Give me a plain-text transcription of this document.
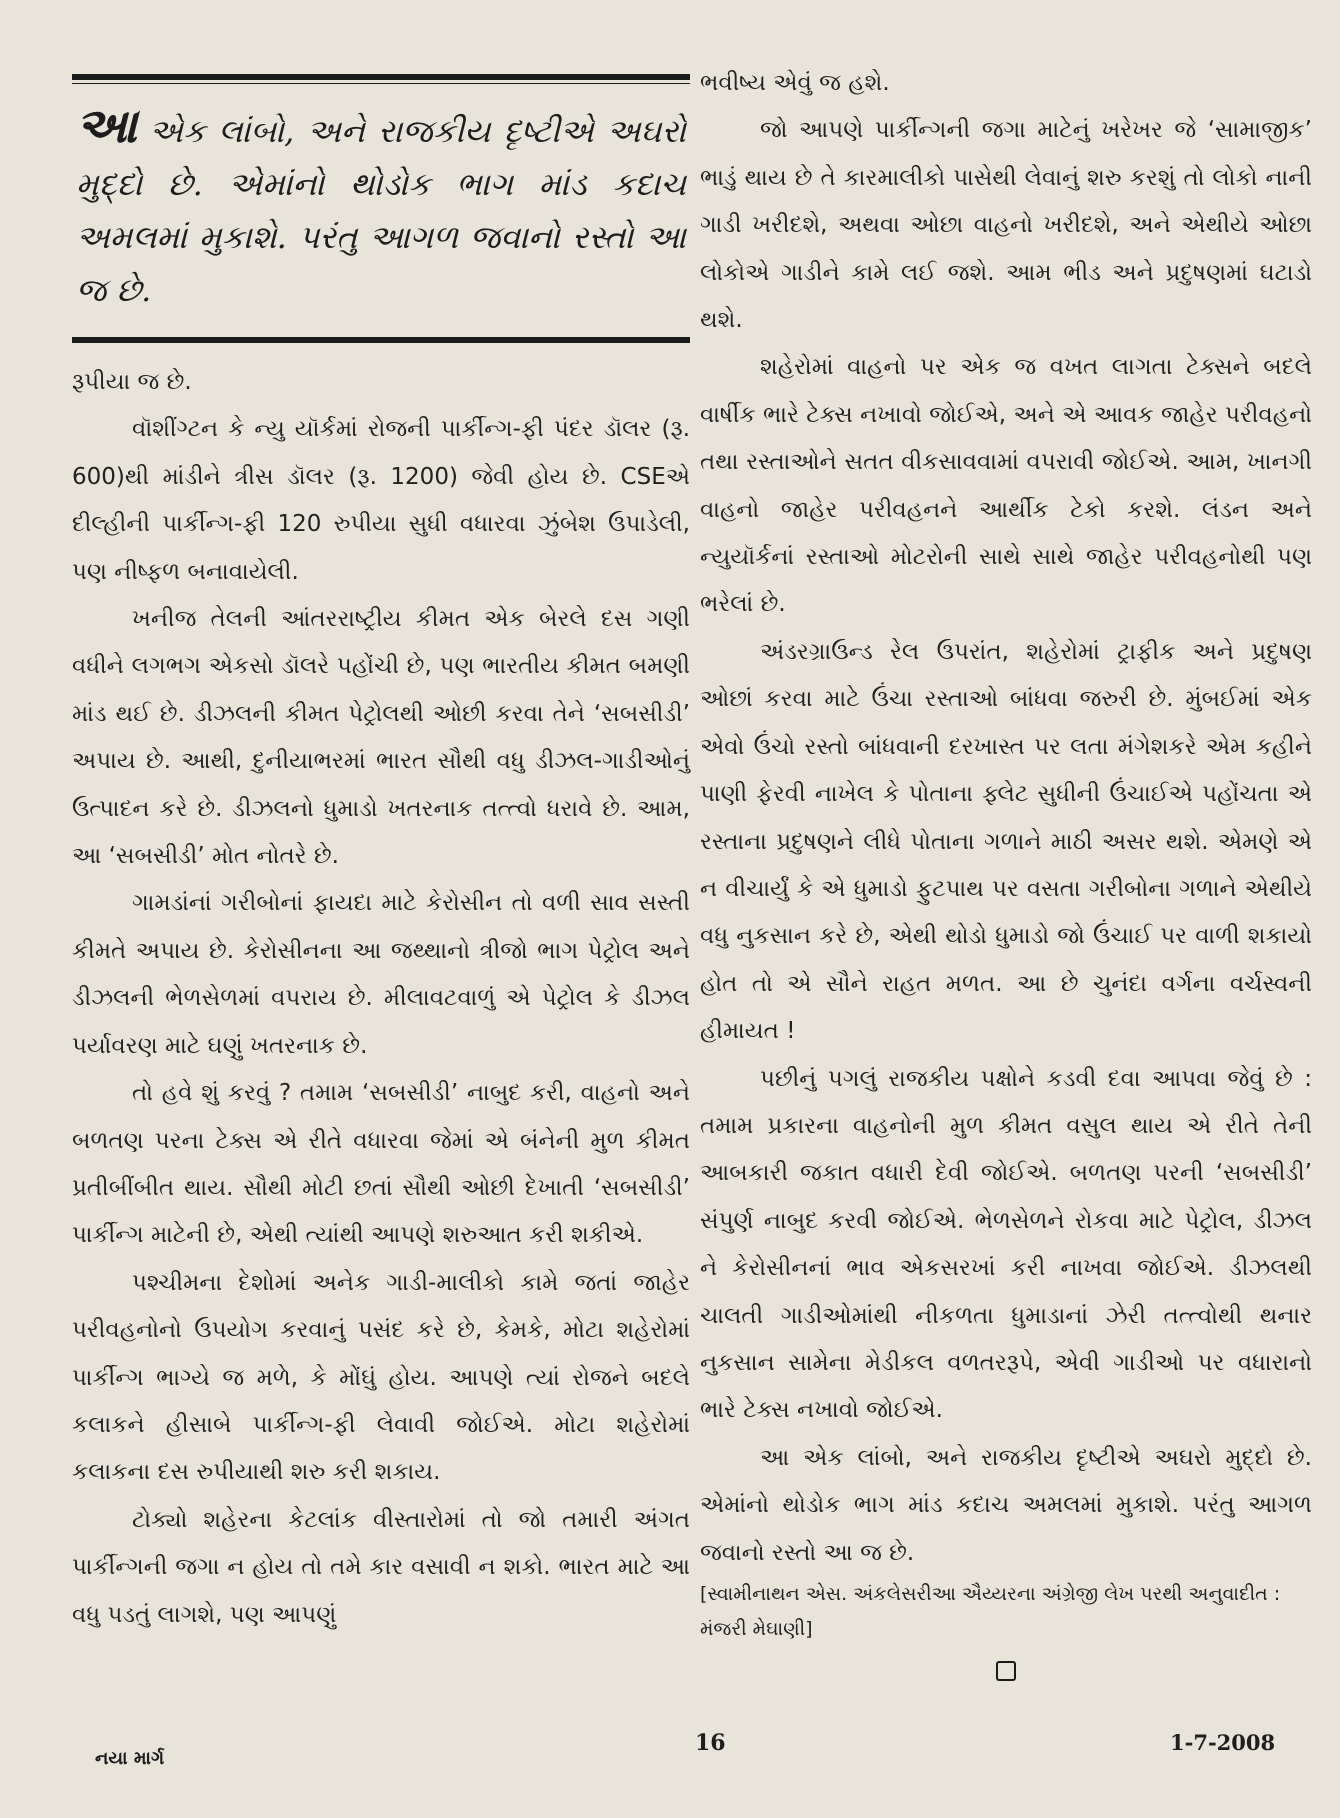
આએક લાંબો, અને રાજકીય દૃષ્ટીએ અઘરો મુદ્દો છે. એમાંનો થોડોક ભાગ માંડ કદાચ અમલમાં મુકાશે. પરંતુ આગળ જવાનો રસ્તો આ જ છે.

રૂપીયા જ છે.

વૉશીંગ્ટન કે ન્યુ યૉર્કમાં રોજની પાર્કીન્ગ-ફી પંદર ડૉલર (રૂ. 600)થી માંડીને ત્રીસ ડૉલર (રૂ. 1200) જેવી હોય છે. CSEએ દીલ્હીની પાર્કીન્ગ-ફી 120 રુપીયા સુધી વધારવા ઝુંબેશ ઉપાડેલી, પણ નીષ્ફળ બનાવાયેલી.

ખનીજ તેલની આંતરરાષ્ટ્રીય કીમત એક બેરલે દસ ગણી વધીને લગભગ એકસો ડૉલરે પહોંચી છે, પણ ભારતીય કીમત બમણી માંડ થઈ છે. ડીઝલની કીમત પેટ્રોલથી ઓછી કરવા તેને ‘સબસીડી’ અપાય છે. આથી, દુનીયાભરમાં ભારત સૌથી વધુ ડીઝલ-ગાડીઓનું ઉત્પાદન કરે છે. ડીઝલનો ધુમાડો ખતરનાક તત્ત્વો ધરાવે છે. આમ, આ ‘સબસીડી’ મોત નોતરે છે.

ગામડાંનાં ગરીબોનાં ફાયદા માટે કેરોસીન તો વળી સાવ સસ્તી કીમતે અપાય છે. કેરોસીનના આ જથ્થાનો ત્રીજો ભાગ પેટ્રોલ અને ડીઝલની ભેળસેળમાં વપરાય છે. મીલાવટવાળું એ પેટ્રોલ કે ડીઝલ પર્યાવરણ માટે ઘણું ખતરનાક છે.

તો હવે શું કરવું ? તમામ ‘સબસીડી’ નાબુદ કરી, વાહનો અને બળતણ પરના ટેક્સ એ રીતે વધારવા જેમાં એ બંનેની મુળ કીમત પ્રતીબીંબીત થાય. સૌથી મોટી છતાં સૌથી ઓછી દેખાતી ‘સબસીડી’ પાર્કીન્ગ માટેની છે, એથી ત્યાંથી આપણે શરુઆત કરી શકીએ.

પશ્ચીમના દેશોમાં અનેક ગાડી-માલીકો કામે જતાં જાહેર પરીવહનોનો ઉપયોગ કરવાનું પસંદ કરે છે, કેમકે, મોટા શહેરોમાં પાર્કીન્ગ ભાગ્યે જ મળે, કે મોંઘું હોય. આપણે ત્યાં રોજને બદલે કલાકને હીસાબે પાર્કીન્ગ-ફી લેવાવી જોઈએ. મોટા શહેરોમાં કલાકના દસ રુપીયાથી શરુ કરી શકાય.

ટોક્યો શહેરના કેટલાંક વીસ્તારોમાં તો જો તમારી અંગત પાર્કીન્ગની જગા ન હોય તો તમે કાર વસાવી ન શકો. ભારત માટે આ વધુ પડતું લાગશે, પણ આપણું

ભવીષ્ય એવું જ હશે.

જો આપણે પાર્કીન્ગની જગા માટેનું ખરેખર જે ‘સામાજીક’ ભાડું થાય છે તે કારમાલીકો પાસેથી લેવાનું શરુ કરશું તો લોકો નાની ગાડી ખરીદશે, અથવા ઓછા વાહનો ખરીદશે, અને એથીયે ઓછા લોકોએ ગાડીને કામે લઈ જશે. આમ ભીડ અને પ્રદુષણમાં ઘટાડો થશે.

શહેરોમાં વાહનો પર એક જ વખત લાગતા ટેક્સને બદલે વાર્ષીક ભારે ટેક્સ નખાવો જોઈએ, અને એ આવક જાહેર પરીવહનો તથા રસ્તાઓને સતત વીકસાવવામાં વપરાવી જોઈએ. આમ, ખાનગી વાહનો જાહેર પરીવહનને આર્થીક ટેકો કરશે. લંડન અને ન્યુયૉર્કનાં રસ્તાઓ મોટરોની સાથે સાથે જાહેર પરીવહનોથી પણ ભરેલાં છે.

અંડરગ્રાઉન્ડ રેલ ઉપરાંત, શહેરોમાં ટ્રાફીક અને પ્રદુષણ ઓછાં કરવા માટે ઉંચા રસ્તાઓ બાંધવા જરુરી છે. મુંબઈમાં એક એવો ઉંચો રસ્તો બાંધવાની દરખાસ્ત પર લતા મંગેશકરે એમ કહીને પાણી ફેરવી નાખેલ કે પોતાના ફ્લેટ સુધીની ઉંચાઈએ પહોંચતા એ રસ્તાના પ્રદુષણને લીધે પોતાના ગળાને માઠી અસર થશે. એમણે એ ન વીચાર્યું કે એ ધુમાડો ફુટપાથ પર વસતા ગરીબોના ગળાને એથીયે વધુ નુકસાન કરે છે, એથી થોડો ધુમાડો જો ઉંચાઈ પર વાળી શકાયો હોત તો એ સૌને રાહત મળત. આ છે ચુનંદા વર્ગના વર્ચસ્વની હીમાયત !

પછીનું પગલું રાજકીય પક્ષોને કડવી દવા આપવા જેવું છે : તમામ પ્રકારના વાહનોની મુળ કીમત વસુલ થાય એ રીતે તેની આબકારી જકાત વધારી દેવી જોઈએ. બળતણ પરની ‘સબસીડી’ સંપુર્ણ નાબુદ કરવી જોઈએ. ભેળસેળને રોકવા માટે પેટ્રોલ, ડીઝલ ને કેરોસીનનાં ભાવ એકસરખાં કરી નાખવા જોઈએ. ડીઝલથી ચાલતી ગાડીઓમાંથી નીકળતા ધુમાડાનાં ઝેરી તત્ત્વોથી થનાર નુકસાન સામેના મેડીકલ વળતરરૂપે, એવી ગાડીઓ પર વધારાનો ભારે ટેક્સ નખાવો જોઈએ.

આ એક લાંબો, અને રાજકીય દૃષ્ટીએ અઘરો મુદ્દો છે. એમાંનો થોડોક ભાગ માંડ કદાચ અમલમાં મુકાશે. પરંતુ આગળ જવાનો રસ્તો આ જ છે.

[સ્વામીનાથન એસ. અંકલેસરીઆ ઐય્યરના અંગ્રેજી લેખ પરથી અનુવાદીત : મંજરી મેઘાણી]

નયા માર્ગ
16	1-7-2008
